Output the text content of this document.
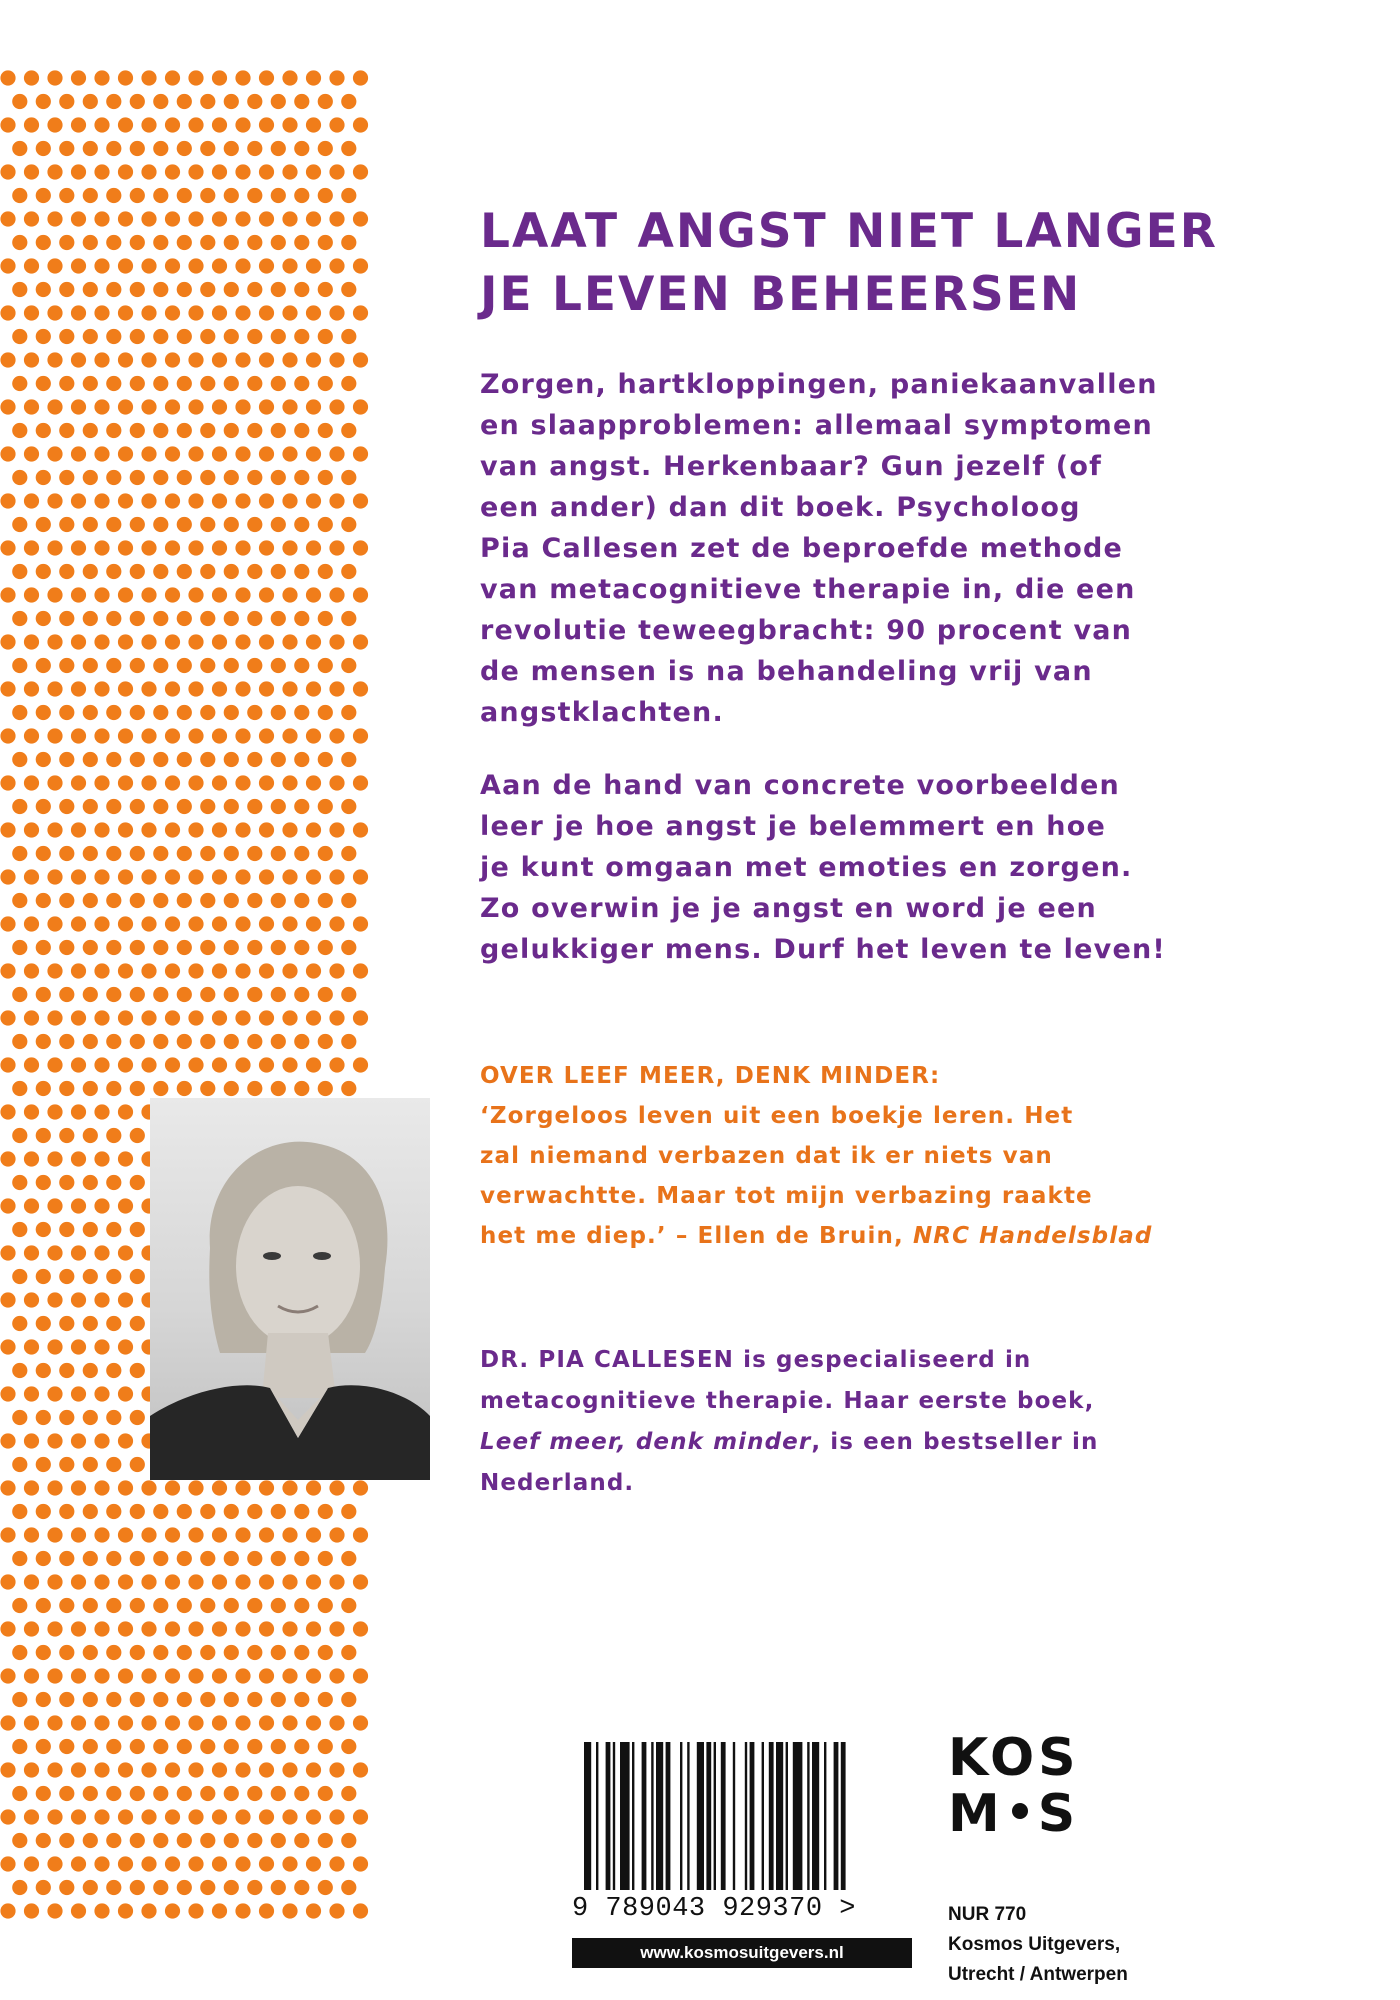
LAAT ANGST NIET LANGER
JE LEVEN BEHEERSEN
Zorgen, hartkloppingen, paniekaanvallen
en slaapproblemen: allemaal symptomen
van angst. Herkenbaar? Gun jezelf (of
een ander) dan dit boek. Psycholoog
Pia Callesen zet de beproefde methode
van metacognitieve therapie in, die een
revolutie teweegbracht: 90 procent van
de mensen is na behandeling vrij van
angstklachten.
Aan de hand van concrete voorbeelden
leer je hoe angst je belemmert en hoe
je kunt omgaan met emoties en zorgen.
Zo overwin je je angst en word je een
gelukkiger mens. Durf het leven te leven!
OVER LEEF MEER, DENK MINDER:
‘Zorgeloos leven uit een boekje leren. Het
zal niemand verbazen dat ik er niets van
verwachtte. Maar tot mijn verbazing raakte
het me diep.’ – Ellen de Bruin, NRC Handelsblad
DR. PIA CALLESEN is gespecialiseerd in
metacognitieve therapie. Haar eerste boek,
Leef meer, denk minder, is een bestseller in
Nederland.
9 789043 929370 >
www.kosmosuitgevers.nl
KOS
M S
NUR 770
Kosmos Uitgevers,
Utrecht / Antwerpen
